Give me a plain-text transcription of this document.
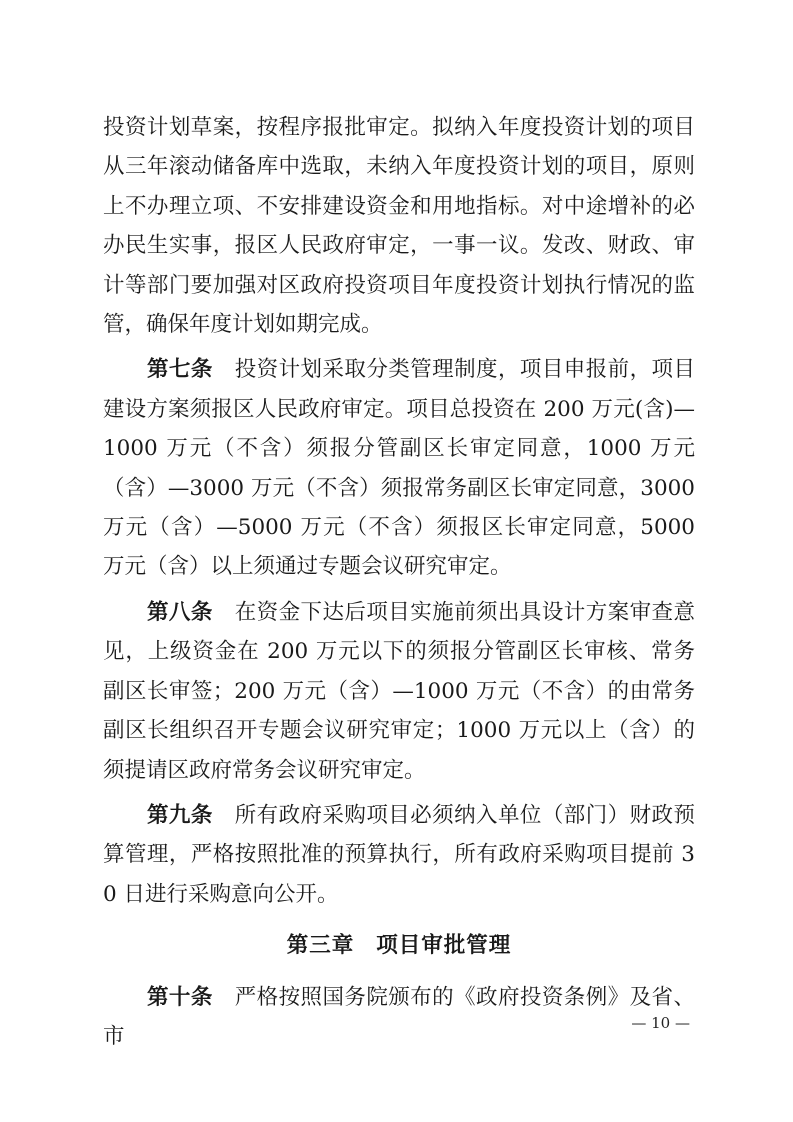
投资计划草案，按程序报批审定。拟纳入年度投资计划的项目从三年滚动储备库中选取，未纳入年度投资计划的项目，原则上不办理立项、不安排建设资金和用地指标。对中途增补的必办民生实事，报区人民政府审定，一事一议。发改、财政、审计等部门要加强对区政府投资项目年度投资计划执行情况的监管，确保年度计划如期完成。

第七条　 投资计划采取分类管理制度，项目申报前，项目建设方案须报区人民政府审定。项目总投资在 200 万元(含)—1000 万元（不含）须报分管副区长审定同意，1000 万元（含）—3000 万元（不含）须报常务副区长审定同意，3000 万元（含）—5000 万元（不含）须报区长审定同意，5000 万元（含）以上须通过专题会议研究审定。

第八条　 在资金下达后项目实施前须出具设计方案审查意见，上级资金在 200 万元以下的须报分管副区长审核、常务副区长审签；200 万元（含）—1000 万元（不含）的由常务副区长组织召开专题会议研究审定；1000 万元以上（含）的须提请区政府常务会议研究审定。

第九条　 所有政府采购项目必须纳入单位（部门）财政预算管理，严格按照批准的预算执行，所有政府采购项目提前 30 日进行采购意向公开。

第三章 项目审批管理

第十条　 严格按照国务院颁布的《政府投资条例》及省、市

— 10 —
